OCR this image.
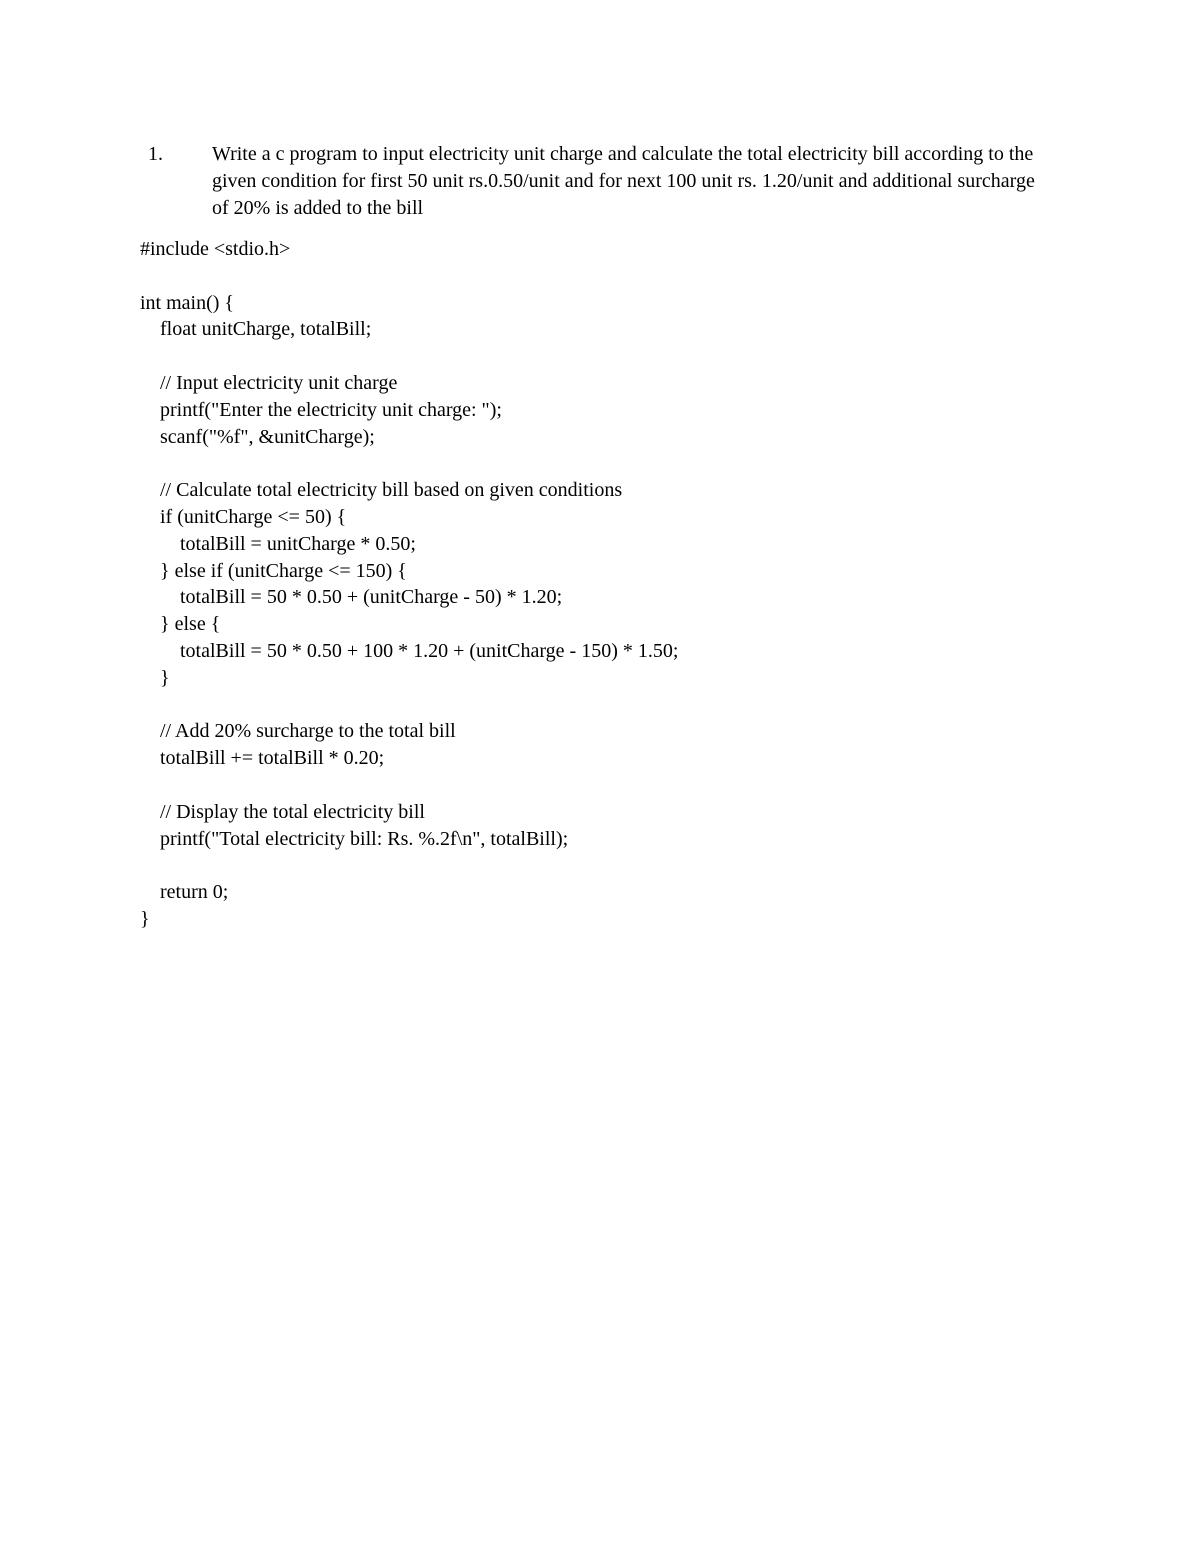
1.	Write a c program to input electricity unit charge and calculate the total electricity bill according to the given condition for first 50 unit rs.0.50/unit and for next 100 unit rs. 1.20/unit and additional surcharge of 20% is added to the bill
#include <stdio.h>
int main() {
float unitCharge, totalBill;
// Input electricity unit charge
printf("Enter the electricity unit charge: ");
scanf("%f", &unitCharge);
// Calculate total electricity bill based on given conditions
if (unitCharge <= 50) {
totalBill = unitCharge * 0.50;
} else if (unitCharge <= 150) {
totalBill = 50 * 0.50 + (unitCharge - 50) * 1.20;
} else {
totalBill = 50 * 0.50 + 100 * 1.20 + (unitCharge - 150) * 1.50;
}
// Add 20% surcharge to the total bill
totalBill += totalBill * 0.20;
// Display the total electricity bill
printf("Total electricity bill: Rs. %.2f\n", totalBill);
return 0;
}
